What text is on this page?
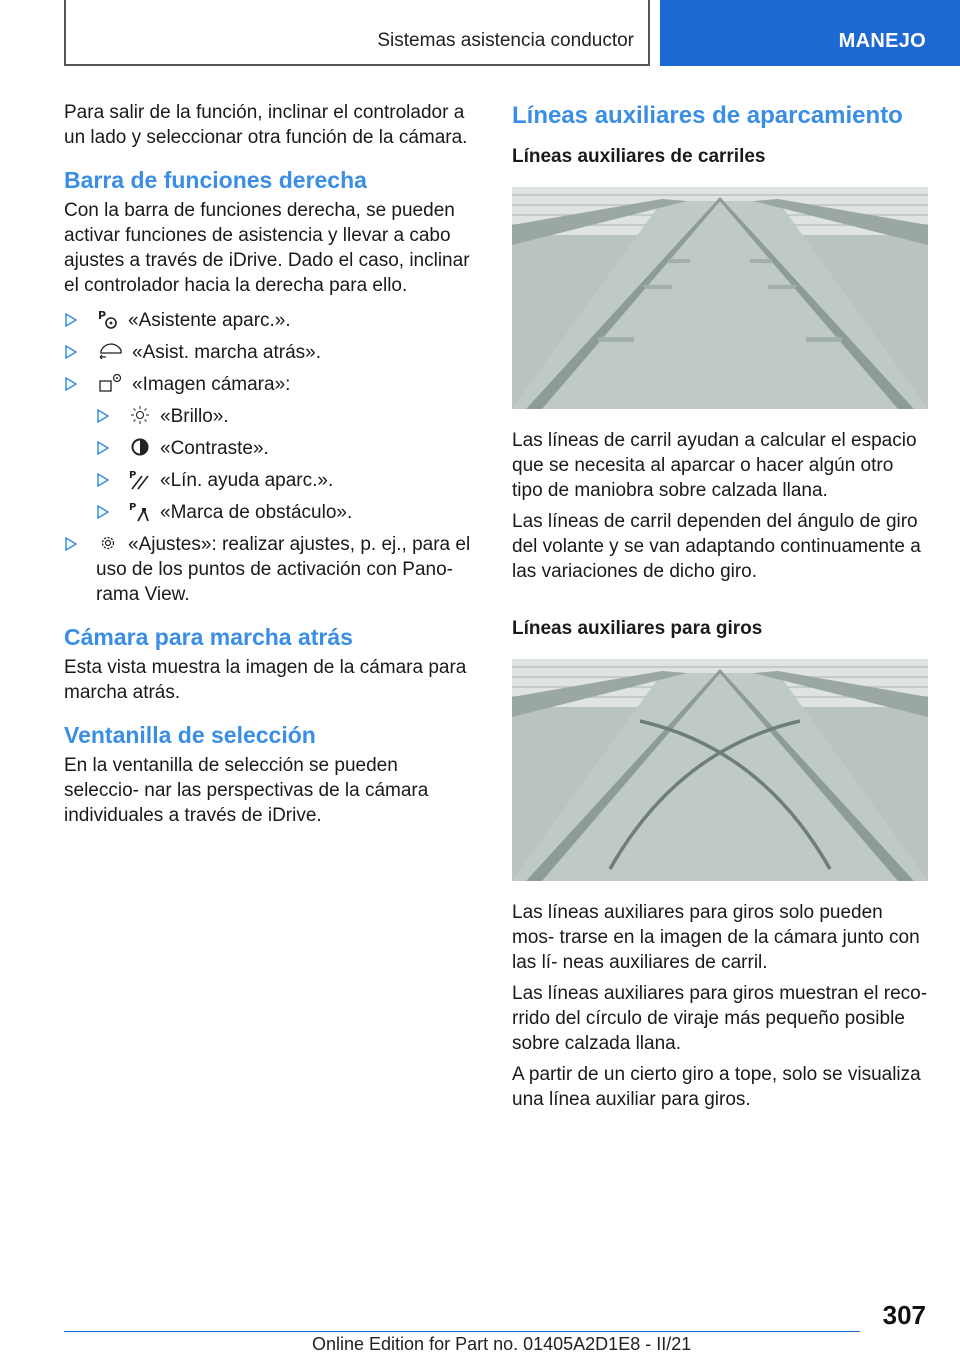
Sistemas asistencia conductor	MANEJO

Para salir de la función, inclinar el controlador a un lado y seleccionar otra función de la cámara.

Barra de funciones derecha

Con la barra de funciones derecha, se pueden activar funciones de asistencia y llevar a cabo ajustes a través de iDrive. Dado el caso, inclinar el controlador hacia la derecha para ello.

P «Asistente aparc.».
«Asist. marcha atrás».
«Imagen cámara»:
«Brillo».
«Contraste».
P «Lín. ayuda aparc.».
P «Marca de obstáculo».
«Ajustes»: realizar ajustes, p. ej., para el uso de los puntos de activación con Pano- rama View.
Cámara para marcha atrás

Esta vista muestra la imagen de la cámara para marcha atrás.

Ventanilla de selección

En la ventanilla de selección se pueden seleccio- nar las perspectivas de la cámara individuales a través de iDrive.

Líneas auxiliares de aparcamiento
Líneas auxiliares de carriles

Las líneas de carril ayudan a calcular el espacio que se necesita al aparcar o hacer algún otro tipo de maniobra sobre calzada llana.

Las líneas de carril dependen del ángulo de giro del volante y se van adaptando continuamente a las variaciones de dicho giro.

Líneas auxiliares para giros

Las líneas auxiliares para giros solo pueden mos- trarse en la imagen de la cámara junto con las lí- neas auxiliares de carril.

Las líneas auxiliares para giros muestran el reco- rrido del círculo de viraje más pequeño posible sobre calzada llana.

A partir de un cierto giro a tope, solo se visualiza una línea auxiliar para giros.

307
Online Edition for Part no. 01405A2D1E8 - II/21
